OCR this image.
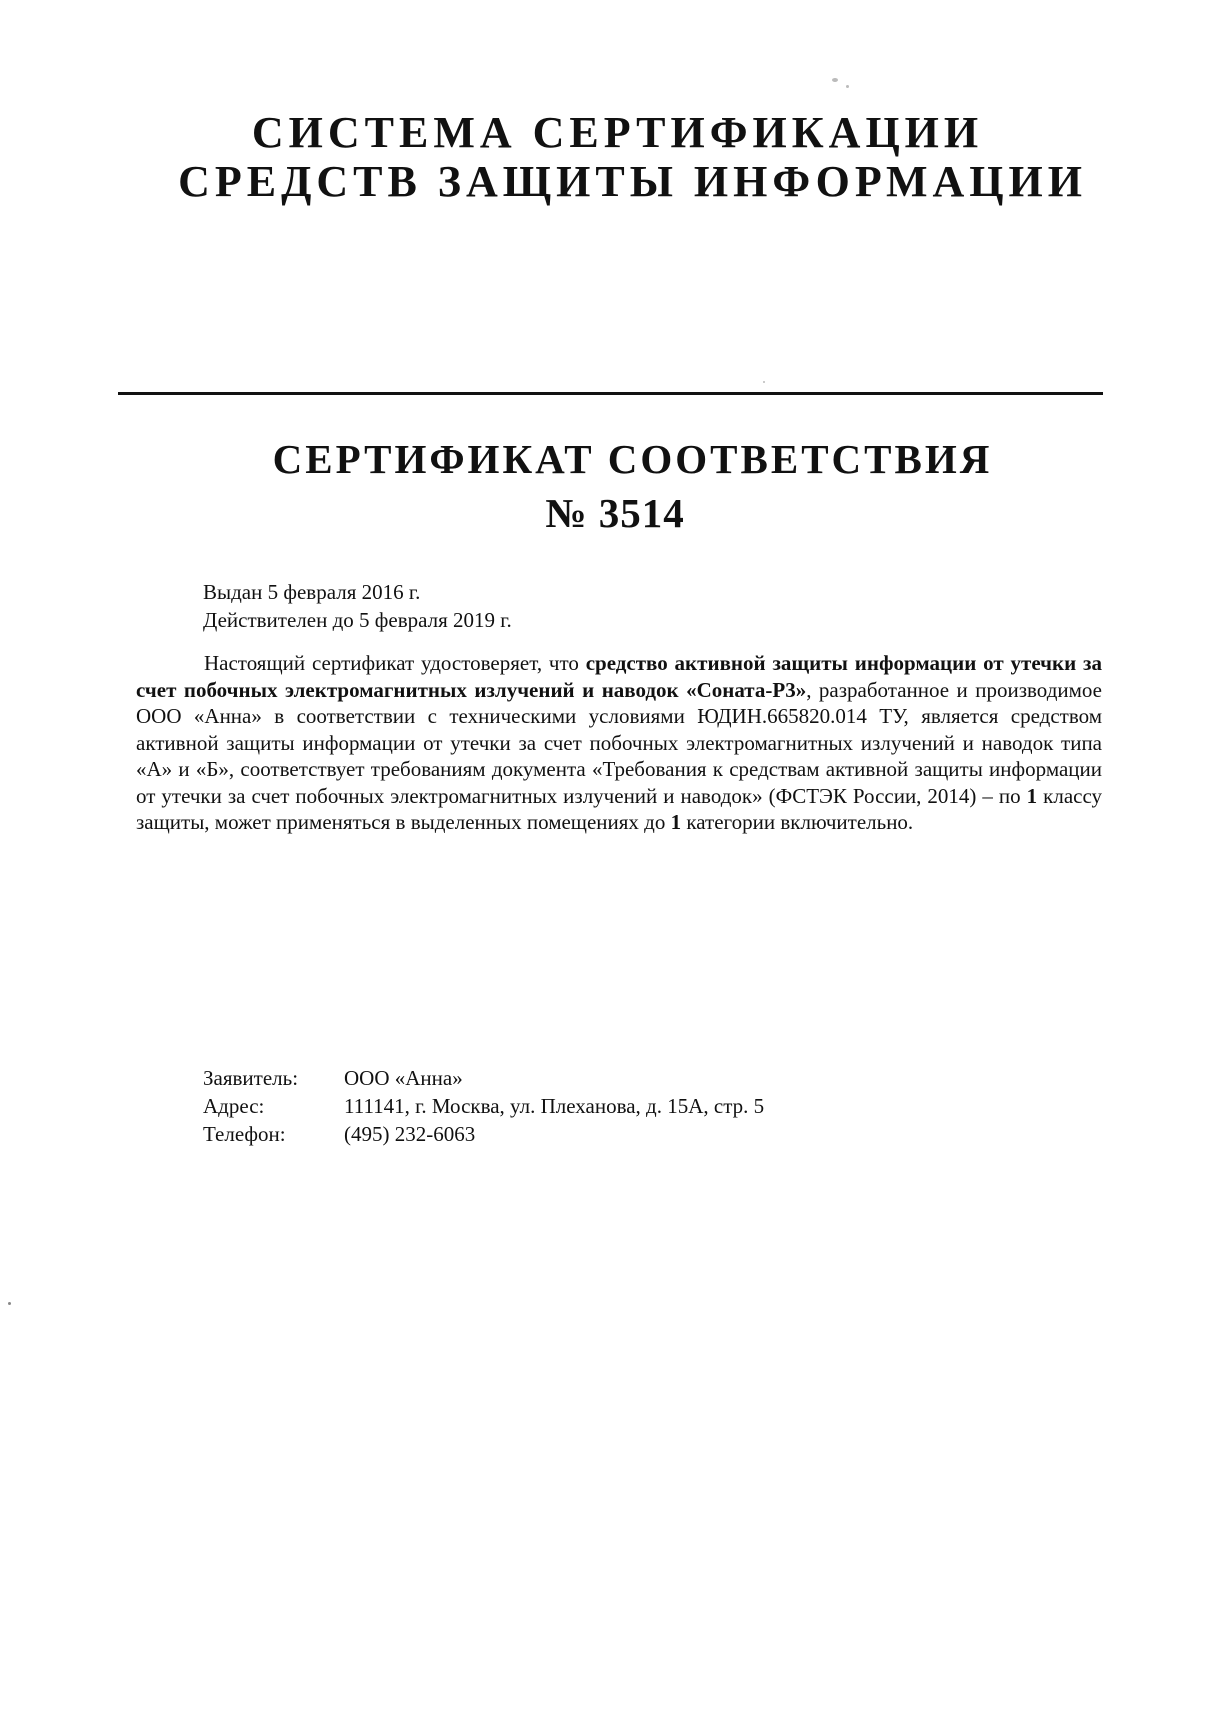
СИСТЕМА СЕРТИФИКАЦИИ
СРЕДСТВ ЗАЩИТЫ ИНФОРМАЦИИ
СЕРТИФИКАТ СООТВЕТСТВИЯ
№ 3514
Выдан 5 февраля 2016 г.
Действителен до 5 февраля 2019 г.
Настоящий сертификат удостоверяет, что средство активной защиты информации от утечки за счет побочных электромагнитных излучений и наводок «Соната-Р3», разработанное и производимое ООО «Анна» в соответствии с техническими условиями ЮДИН.665820.014 ТУ, является средством активной защиты информации от утечки за счет побочных электромагнитных излучений и наводок типа «А» и «Б», соответствует требованиям документа «Требования к средствам активной защиты информации от утечки за счет побочных электромагнитных излучений и наводок» (ФСТЭК России, 2014) – по 1 классу защиты, может применяться в выделенных помещениях до 1 категории включительно.
Заявитель:	ООО «Анна»
Адрес:	111141, г. Москва, ул. Плеханова, д. 15А, стр. 5
Телефон:	(495) 232-6063
